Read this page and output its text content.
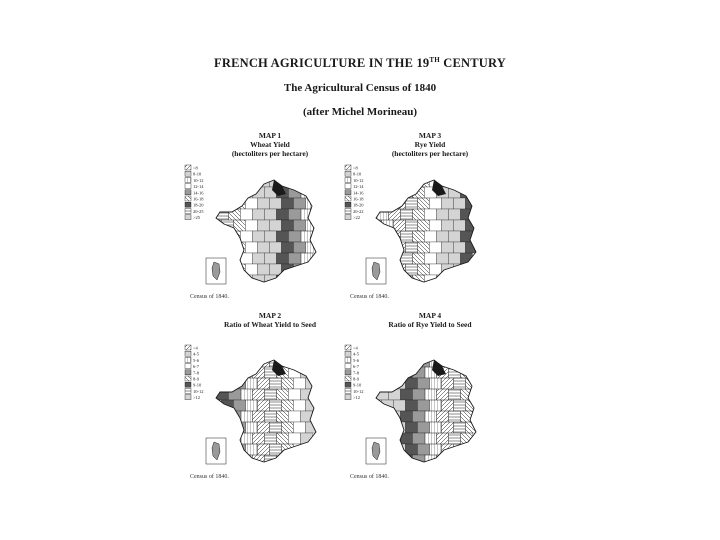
FRENCH AGRICULTURE IN THE 19TH CENTURY
The Agricultural Census of 1840
(after Michel Morineau)
MAP 1
Wheat Yield
(hectoliters per hectare)
<8
8-10
10-12
12-14
14-16
16-18
18-20
20-25
>25
Census of 1840.
MAP 3
Rye Yield
(hectoliters per hectare)
<8
8-10
10-12
12-14
14-16
16-18
18-20
20-22
>22
Census of 1840.
MAP 2
Ratio of Wheat Yield to Seed
<4
4-5
5-6
6-7
7-8
8-9
9-10
10-12
>12
Census of 1840.
MAP 4
Ratio of Rye Yield to Seed
<4
4-5
5-6
6-7
7-8
8-9
9-10
10-12
>12
Census of 1840.
